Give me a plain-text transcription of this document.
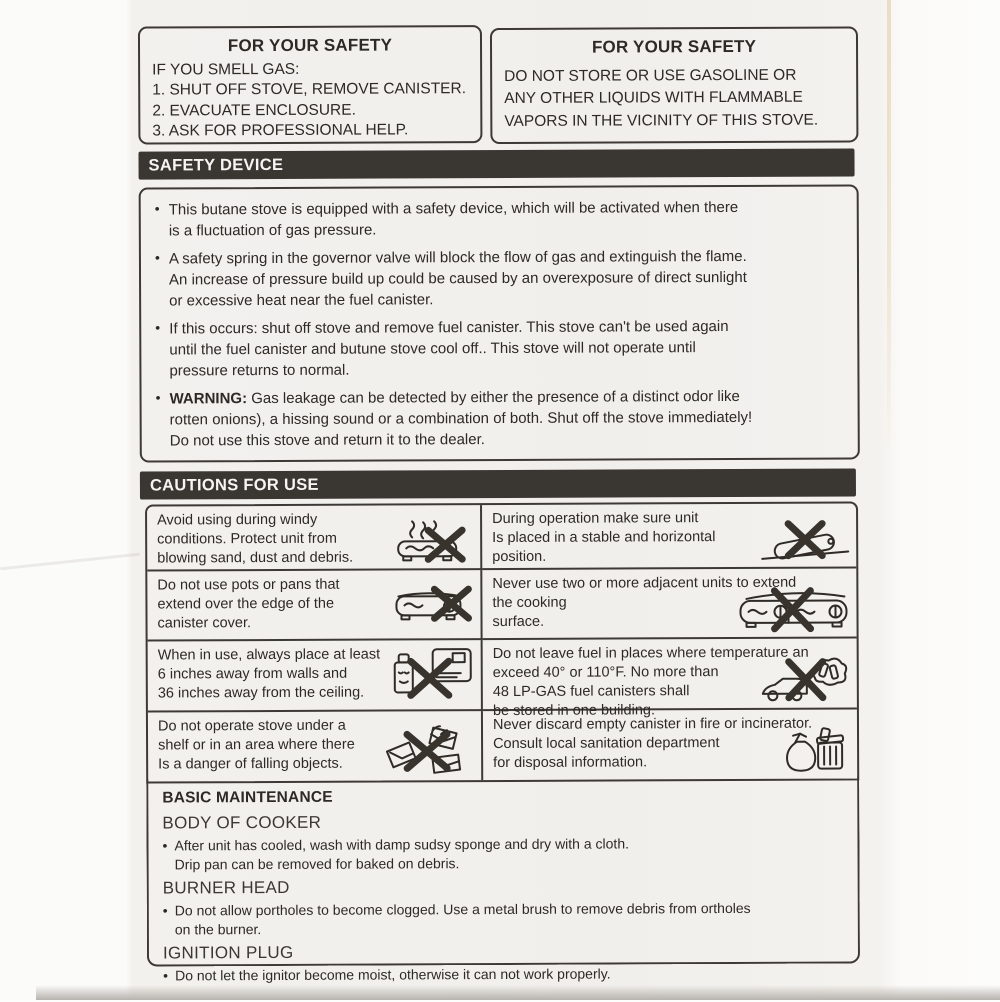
FOR YOUR SAFETY
IF YOU SMELL GAS:
1. SHUT OFF STOVE, REMOVE CANISTER.
2. EVACUATE ENCLOSURE.
3. ASK FOR PROFESSIONAL HELP.
FOR YOUR SAFETY
DO NOT STORE OR USE GASOLINE OR
ANY OTHER LIQUIDS WITH FLAMMABLE
VAPORS IN THE VICINITY OF THIS STOVE.
SAFETY DEVICE
• This butane stove is equipped with a safety device, which will be activated when there
is a fluctuation of gas pressure.
• A safety spring in the governor valve will block the flow of gas and extinguish the flame.
An increase of pressure build up could be caused by an overexposure of direct sunlight
or excessive heat near the fuel canister.
• If this occurs: shut off stove and remove fuel canister. This stove can't be used again
until the fuel canister and butune stove cool off.. This stove will not operate until
pressure returns to normal.
• WARNING: Gas leakage can be detected by either the presence of a distinct odor like
rotten onions), a hissing sound or a combination of both. Shut off the stove immediately!
Do not use this stove and return it to the dealer.
CAUTIONS FOR USE
Avoid using during windy
conditions. Protect unit from
blowing sand, dust and debris.
During operation make sure unit
Is placed in a stable and horizontal
position.
Do not use pots or pans that
extend over the edge of the
canister cover.
Never use two or more adjacent units to extend
the cooking
surface.
When in use, always place at least
6 inches away from walls and
36 inches away from the ceiling.
Do not leave fuel in places where temperature an
exceed 40° or 110°F. No more than
48 LP-GAS fuel canisters shall
be stored in one building.
Do not operate stove under a
shelf or in an area where there
Is a danger of falling objects.
Never discard empty canister in fire or incinerator.
Consult local sanitation department
for disposal information.
BASIC MAINTENANCE
BODY OF COOKER
• After unit has cooled, wash with damp sudsy sponge and dry with a cloth.
Drip pan can be removed for baked on debris.
BURNER HEAD
• Do not allow portholes to become clogged. Use a metal brush to remove debris from ortholes
on the burner.
IGNITION PLUG
• Do not let the ignitor become moist, otherwise it can not work properly.
